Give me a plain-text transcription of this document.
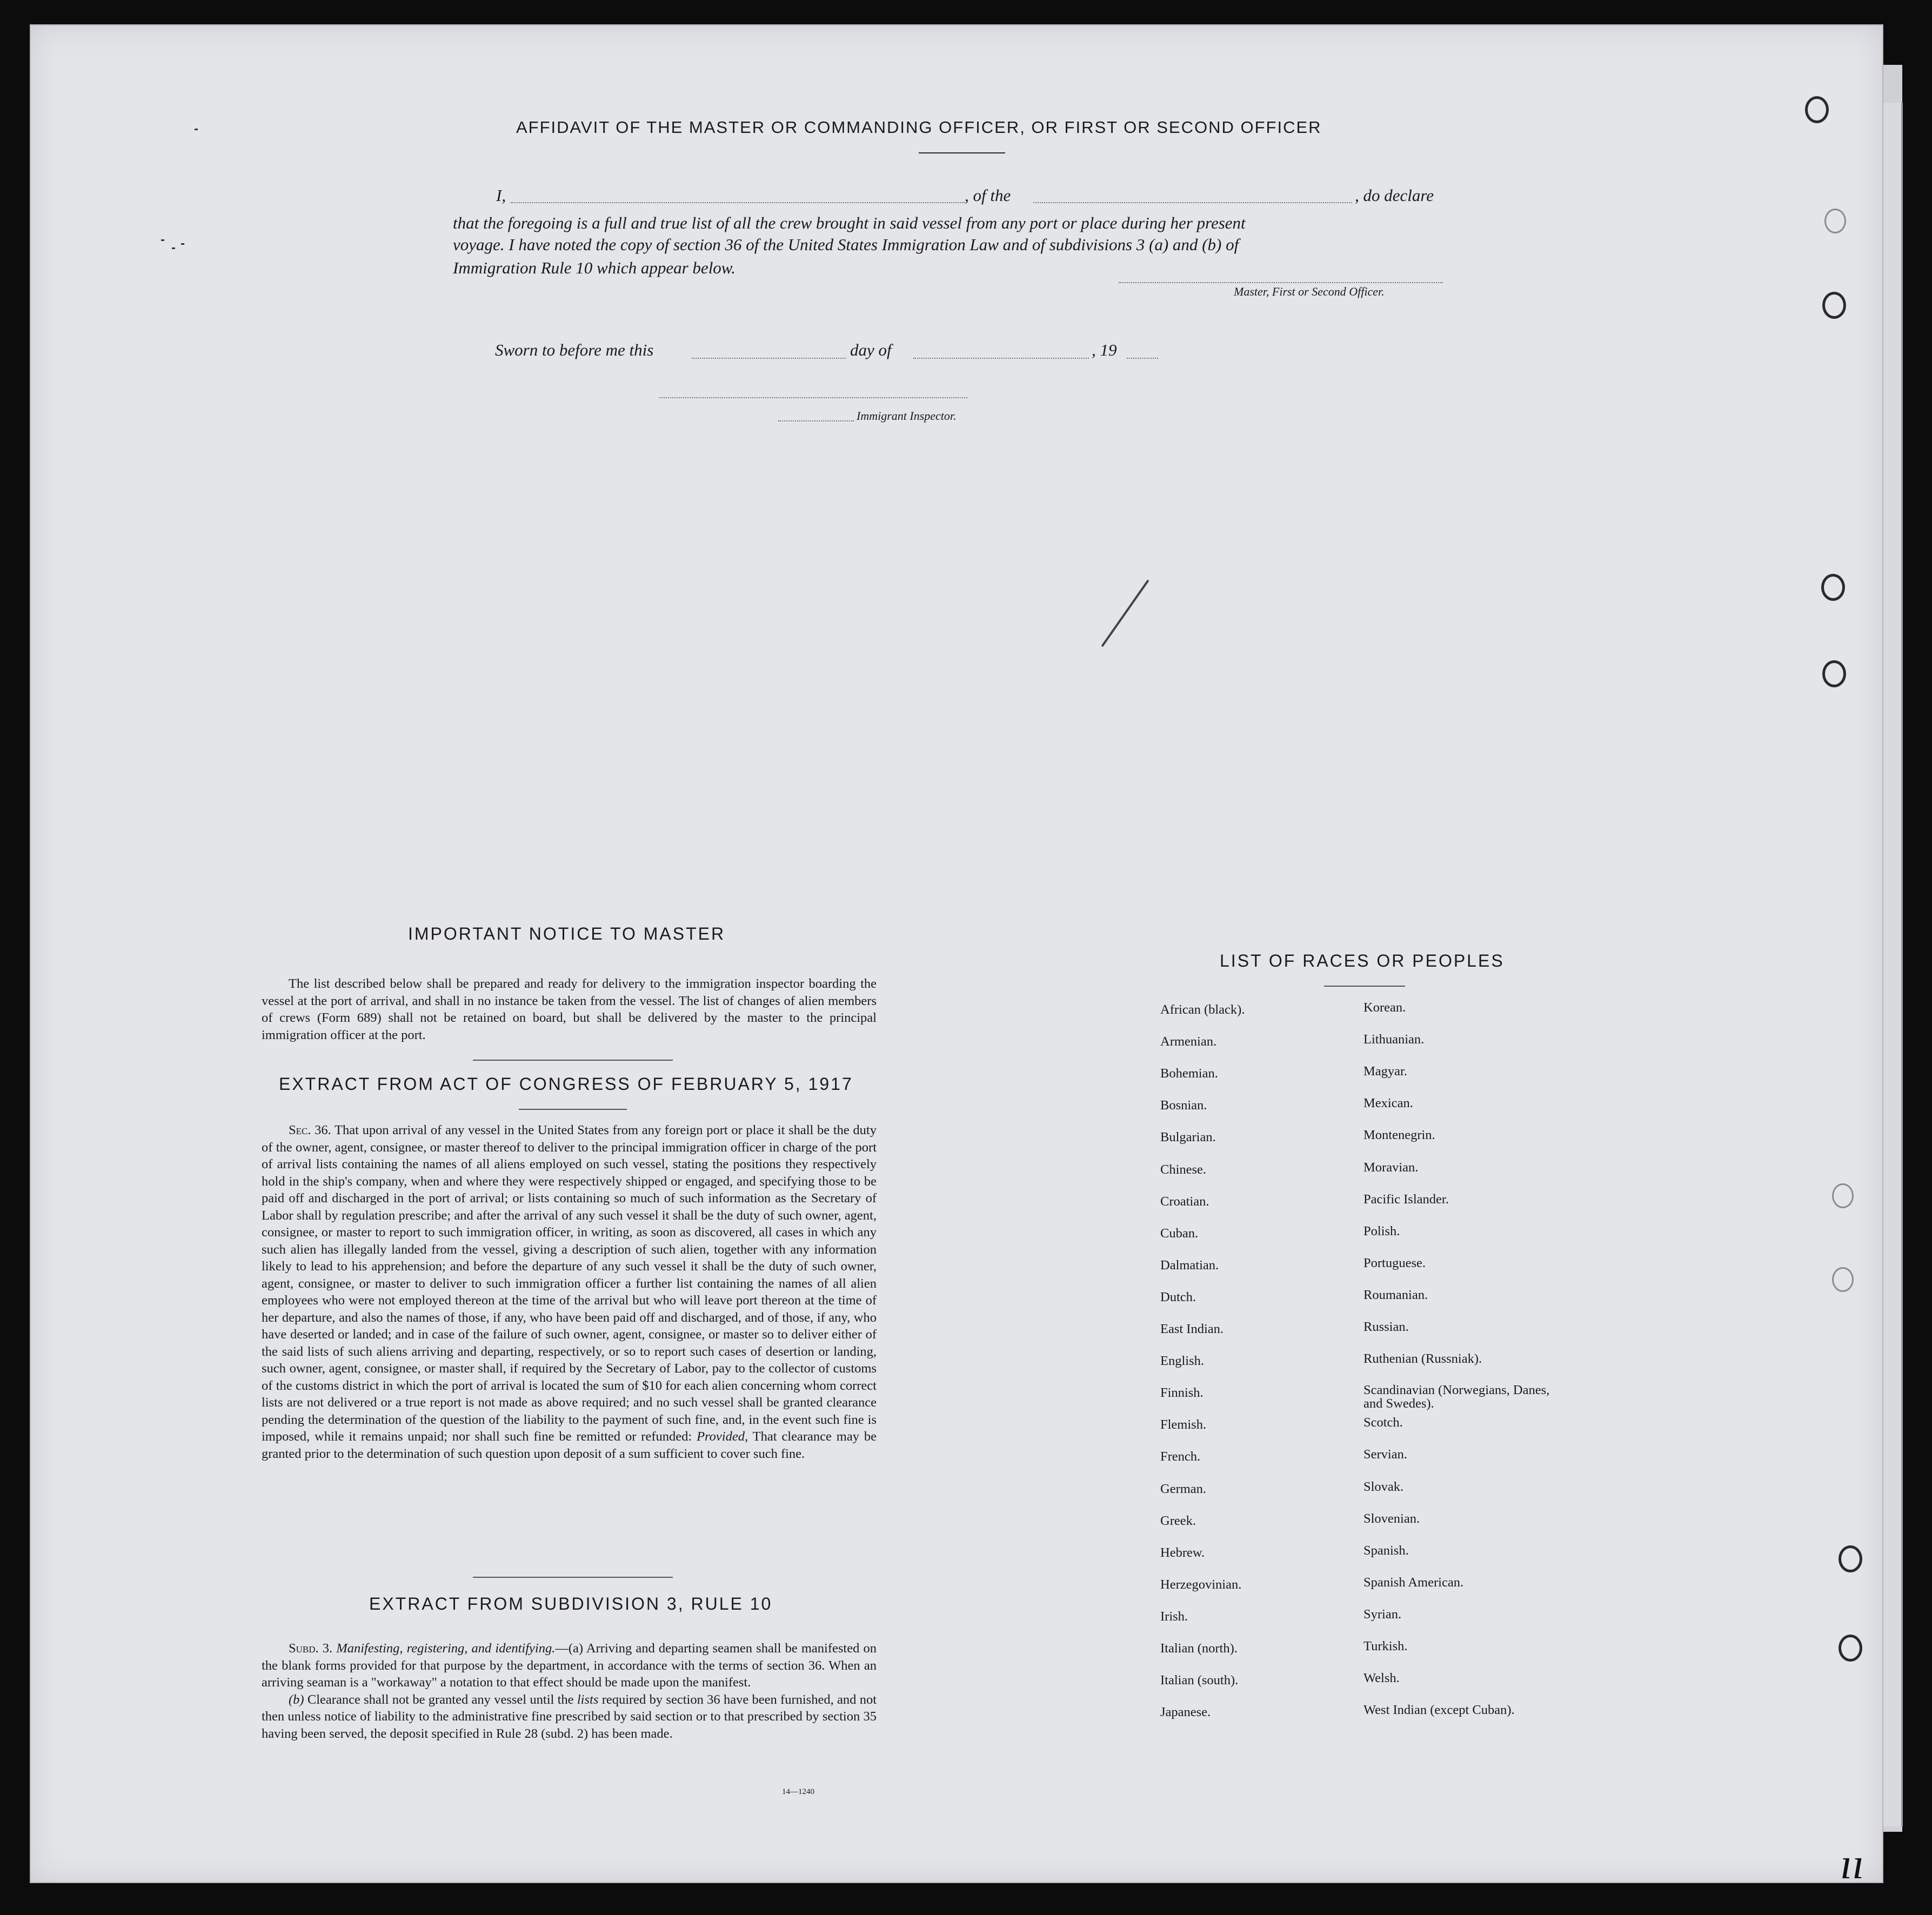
AFFIDAVIT OF THE MASTER OR COMMANDING OFFICER, OR FIRST OR SECOND OFFICER
I,	, of the	, do declare
that the foregoing is a full and true list of all the crew brought in said vessel from any port or place during her present
voyage. I have noted the copy of section 36 of the United States Immigration Law and of subdivisions 3 (a) and (b) of
Immigration Rule 10 which appear below.
Master, First or Second Officer.
Sworn to before me this	day of	, 19
Immigrant Inspector.
IMPORTANT NOTICE TO MASTER

The list described below shall be prepared and ready for delivery to the immigration inspector boarding the vessel at the port of arrival, and shall in no instance be taken from the vessel. The list of changes of alien members of crews (Form 689) shall not be retained on board, but shall be delivered by the master to the principal immigration officer at the port.

EXTRACT FROM ACT OF CONGRESS OF FEBRUARY 5, 1917

Sec. 36. That upon arrival of any vessel in the United States from any foreign port or place it shall be the duty of the owner, agent, consignee, or master thereof to deliver to the principal immigration officer in charge of the port of arrival lists containing the names of all aliens employed on such vessel, stating the positions they respectively hold in the ship's company, when and where they were respectively shipped or engaged, and specifying those to be paid off and discharged in the port of arrival; or lists containing so much of such information as the Secretary of Labor shall by regulation prescribe; and after the arrival of any such vessel it shall be the duty of such owner, agent, consignee, or master to report to such immigration officer, in writing, as soon as discovered, all cases in which any such alien has illegally landed from the vessel, giving a description of such alien, together with any information likely to lead to his apprehension; and before the departure of any such vessel it shall be the duty of such owner, agent, consignee, or master to deliver to such immigration officer a further list containing the names of all alien employees who were not employed thereon at the time of the arrival but who will leave port thereon at the time of her departure, and also the names of those, if any, who have been paid off and discharged, and of those, if any, who have deserted or landed; and in case of the failure of such owner, agent, consignee, or master so to deliver either of the said lists of such aliens arriving and departing, respectively, or so to report such cases of desertion or landing, such owner, agent, consignee, or master shall, if required by the Secretary of Labor, pay to the collector of customs of the customs district in which the port of arrival is located the sum of $10 for each alien concerning whom correct lists are not delivered or a true report is not made as above required; and no such vessel shall be granted clearance pending the determination of the question of the liability to the payment of such fine, and, in the event such fine is imposed, while it remains unpaid; nor shall such fine be remitted or refunded: Provided, That clearance may be granted prior to the determination of such question upon deposit of a sum sufficient to cover such fine.

EXTRACT FROM SUBDIVISION 3, RULE 10

Subd. 3. Manifesting, registering, and identifying.—(a) Arriving and departing seamen shall be manifested on the blank forms provided for that purpose by the department, in accordance with the terms of section 36. When an arriving seaman is a "workaway" a notation to that effect should be made upon the manifest.

(b) Clearance shall not be granted any vessel until the lists required by section 36 have been furnished, and not then unless notice of liability to the administrative fine prescribed by said section or to that prescribed by section 35 having been served, the deposit specified in Rule 28 (subd. 2) has been made.

14—1240
LIST OF RACES OR PEOPLES
African (black).
Armenian.
Bohemian.
Bosnian.
Bulgarian.
Chinese.
Croatian.
Cuban.
Dalmatian.
Dutch.
East Indian.
English.
Finnish.
Flemish.
French.
German.
Greek.
Hebrew.
Herzegovinian.
Irish.
Italian (north).
Italian (south).
Japanese.
Korean.
Lithuanian.
Magyar.
Mexican.
Montenegrin.
Moravian.
Pacific Islander.
Polish.
Portuguese.
Roumanian.
Russian.
Ruthenian (Russniak).
Scandinavian (Norwegians, Danes, and Swedes).
Scotch.
Servian.
Slovak.
Slovenian.
Spanish.
Spanish American.
Syrian.
Turkish.
Welsh.
West Indian (except Cuban).
ıı
